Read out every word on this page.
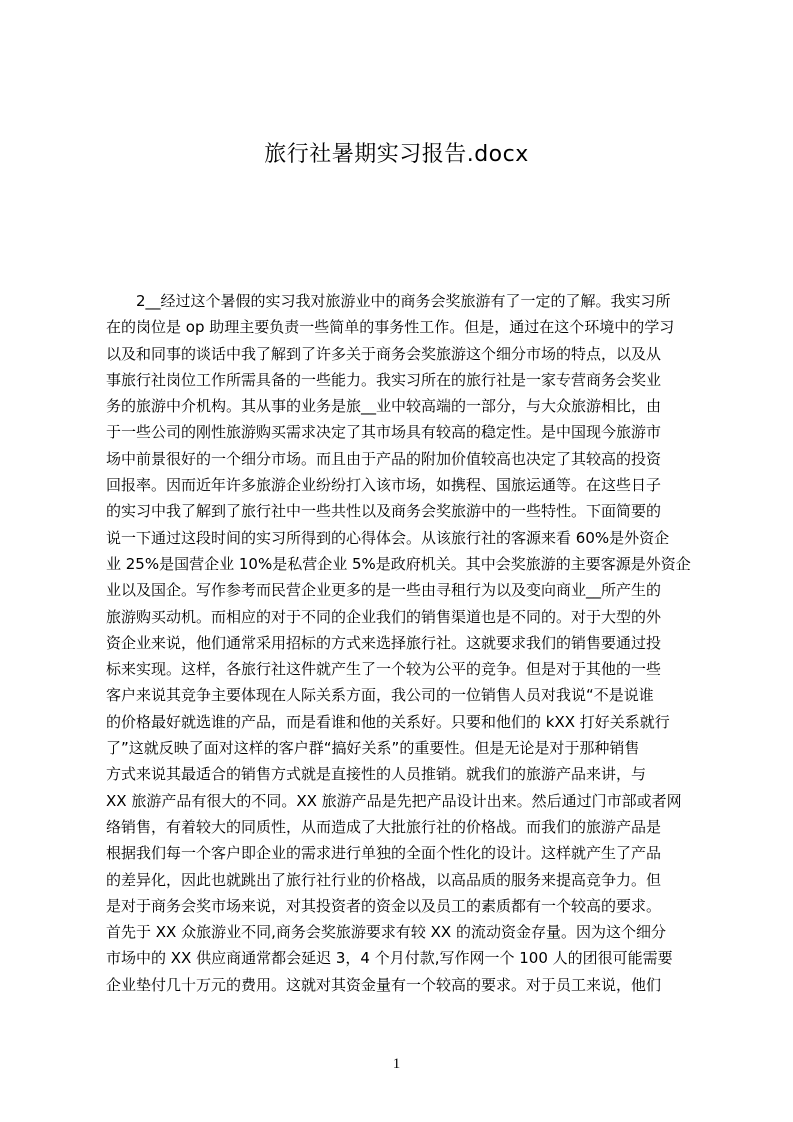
旅行社暑期实习报告.docx
　　2__经过这个暑假的实习我对旅游业中的商务会奖旅游有了一定的了解。我实习所
在的岗位是 op 助理主要负责一些简单的事务性工作。但是，通过在这个环境中的学习
以及和同事的谈话中我了解到了许多关于商务会奖旅游这个细分市场的特点，以及从
事旅行社岗位工作所需具备的一些能力。我实习所在的旅行社是一家专营商务会奖业
务的旅游中介机构。其从事的业务是旅__业中较高端的一部分，与大众旅游相比，由
于一些公司的刚性旅游购买需求决定了其市场具有较高的稳定性。是中国现今旅游市
场中前景很好的一个细分市场。而且由于产品的附加价值较高也决定了其较高的投资
回报率。因而近年许多旅游企业纷纷打入该市场，如携程、国旅运通等。在这些日子
的实习中我了解到了旅行社中一些共性以及商务会奖旅游中的一些特性。下面简要的
说一下通过这段时间的实习所得到的心得体会。从该旅行社的客源来看 60%是外资企
业 25%是国营企业 10%是私营企业 5%是政府机关。其中会奖旅游的主要客源是外资企
业以及国企。写作参考而民营企业更多的是一些由寻租行为以及变向商业__所产生的
旅游购买动机。而相应的对于不同的企业我们的销售渠道也是不同的。对于大型的外
资企业来说，他们通常采用招标的方式来选择旅行社。这就要求我们的销售要通过投
标来实现。这样，各旅行社这件就产生了一个较为公平的竞争。但是对于其他的一些
客户来说其竞争主要体现在人际关系方面，我公司的一位销售人员对我说“不是说谁
的价格最好就选谁的产品，而是看谁和他的关系好。只要和他们的 kXX 打好关系就行
了”这就反映了面对这样的客户群“搞好关系”的重要性。但是无论是对于那种销售
方式来说其最适合的销售方式就是直接性的人员推销。就我们的旅游产品来讲，与
XX 旅游产品有很大的不同。XX 旅游产品是先把产品设计出来。然后通过门市部或者网
络销售，有着较大的同质性，从而造成了大批旅行社的价格战。而我们的旅游产品是
根据我们每一个客户即企业的需求进行单独的全面个性化的设计。这样就产生了产品
的差异化，因此也就跳出了旅行社行业的价格战，以高品质的服务来提高竞争力。但
是对于商务会奖市场来说，对其投资者的资金以及员工的素质都有一个较高的要求。
首先于 XX 众旅游业不同,商务会奖旅游要求有较 XX 的流动资金存量。因为这个细分
市场中的 XX 供应商通常都会延迟 3，4 个月付款,写作网一个 100 人的团很可能需要
企业垫付几十万元的费用。这就对其资金量有一个较高的要求。对于员工来说，他们
1
